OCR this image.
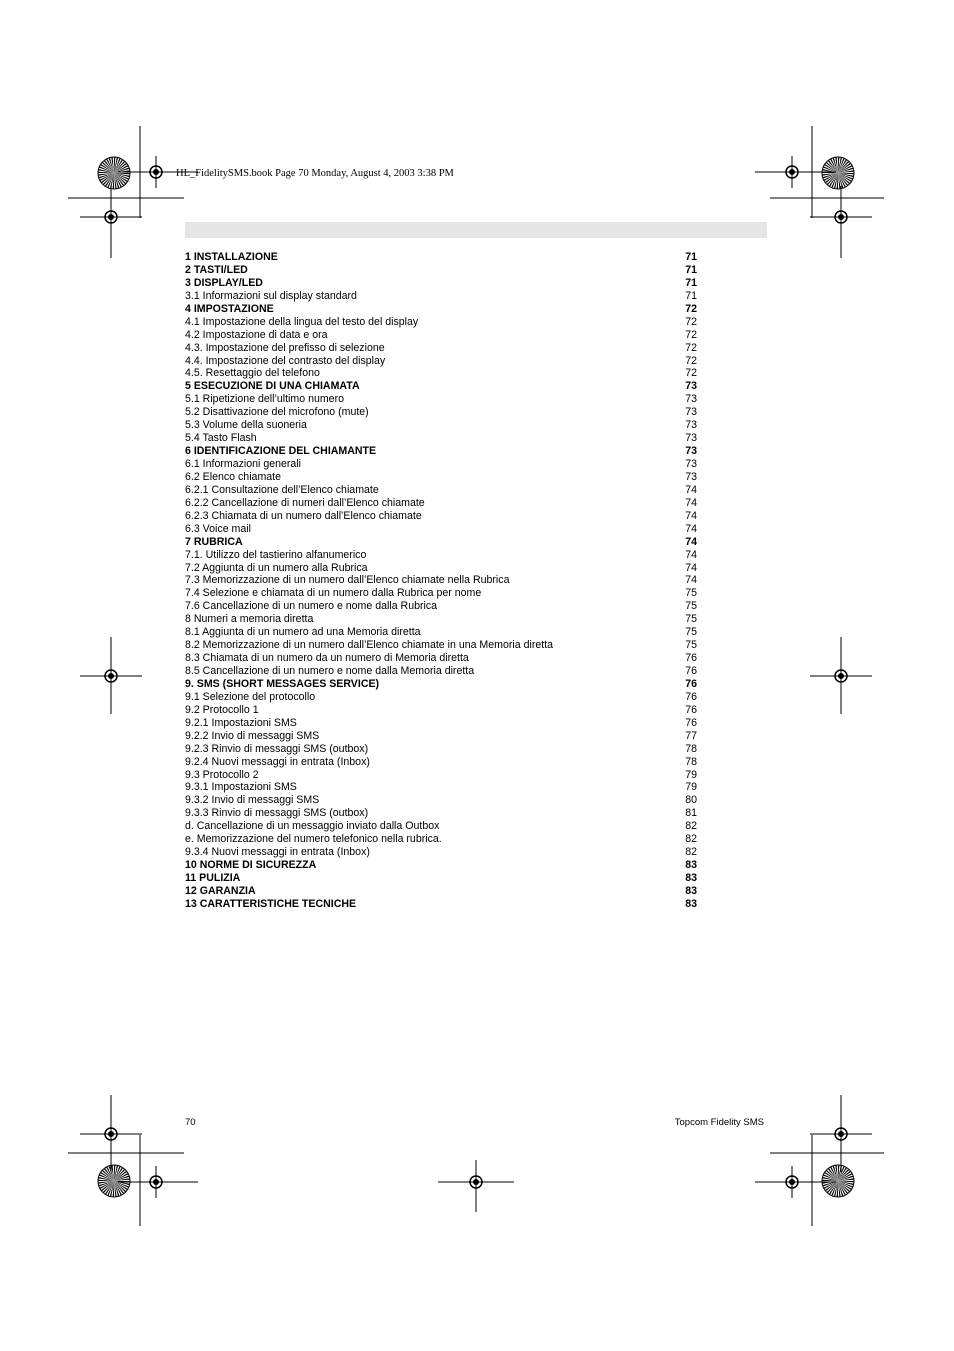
HL_FidelitySMS.book Page 70 Monday, August 4, 2003 3:38 PM
1 INSTALLAZIONE	71
2 TASTI/LED	71
3 DISPLAY/LED	71
3.1 Informazioni sul display standard	71
4 IMPOSTAZIONE	72
4.1 Impostazione della lingua del testo del display	72
4.2 Impostazione di data e ora	72
4.3. Impostazione del prefisso di selezione	72
4.4. Impostazione del contrasto del display	72
4.5. Resettaggio del telefono	72
5 ESECUZIONE DI UNA CHIAMATA	73
5.1 Ripetizione dell’ultimo numero	73
5.2 Disattivazione del microfono (mute)	73
5.3 Volume della suoneria	73
5.4 Tasto Flash	73
6 IDENTIFICAZIONE DEL CHIAMANTE	73
6.1 Informazioni generali	73
6.2 Elenco chiamate	73
6.2.1 Consultazione dell’Elenco chiamate	74
6.2.2 Cancellazione di numeri dall’Elenco chiamate	74
6.2.3 Chiamata di un numero dall’Elenco chiamate	74
6.3 Voice mail	74
7 RUBRICA	74
7.1. Utilizzo del tastierino alfanumerico	74
7.2 Aggiunta di un numero alla Rubrica	74
7.3 Memorizzazione di un numero dall’Elenco chiamate nella Rubrica	74
7.4 Selezione e chiamata di un numero dalla Rubrica per nome	75
7.6 Cancellazione di un numero e nome dalla Rubrica	75
8 Numeri a memoria diretta	75
8.1 Aggiunta di un numero ad una Memoria diretta	75
8.2 Memorizzazione di un numero dall’Elenco chiamate in una Memoria diretta	75
8.3 Chiamata di un numero da un numero di Memoria diretta	76
8.5 Cancellazione di un numero e nome dalla Memoria diretta	76
9. SMS (SHORT MESSAGES SERVICE)	76
9.1 Selezione del protocollo	76
9.2 Protocollo 1	76
9.2.1 Impostazioni SMS	76
9.2.2 Invio di messaggi SMS	77
9.2.3 Rinvio di messaggi SMS (outbox)	78
9.2.4 Nuovi messaggi in entrata (Inbox)	78
9.3 Protocollo 2	79
9.3.1 Impostazioni SMS	79
9.3.2 Invio di messaggi SMS	80
9.3.3 Rinvio di messaggi SMS (outbox)	81
d. Cancellazione di un messaggio inviato dalla Outbox	82
e. Memorizzazione del numero telefonico nella rubrica.	82
9.3.4 Nuovi messaggi in entrata (Inbox)	82
10 NORME DI SICUREZZA	83
11 PULIZIA	83
12 GARANZIA	83
13 CARATTERISTICHE TECNICHE	83
70	Topcom Fidelity SMS
